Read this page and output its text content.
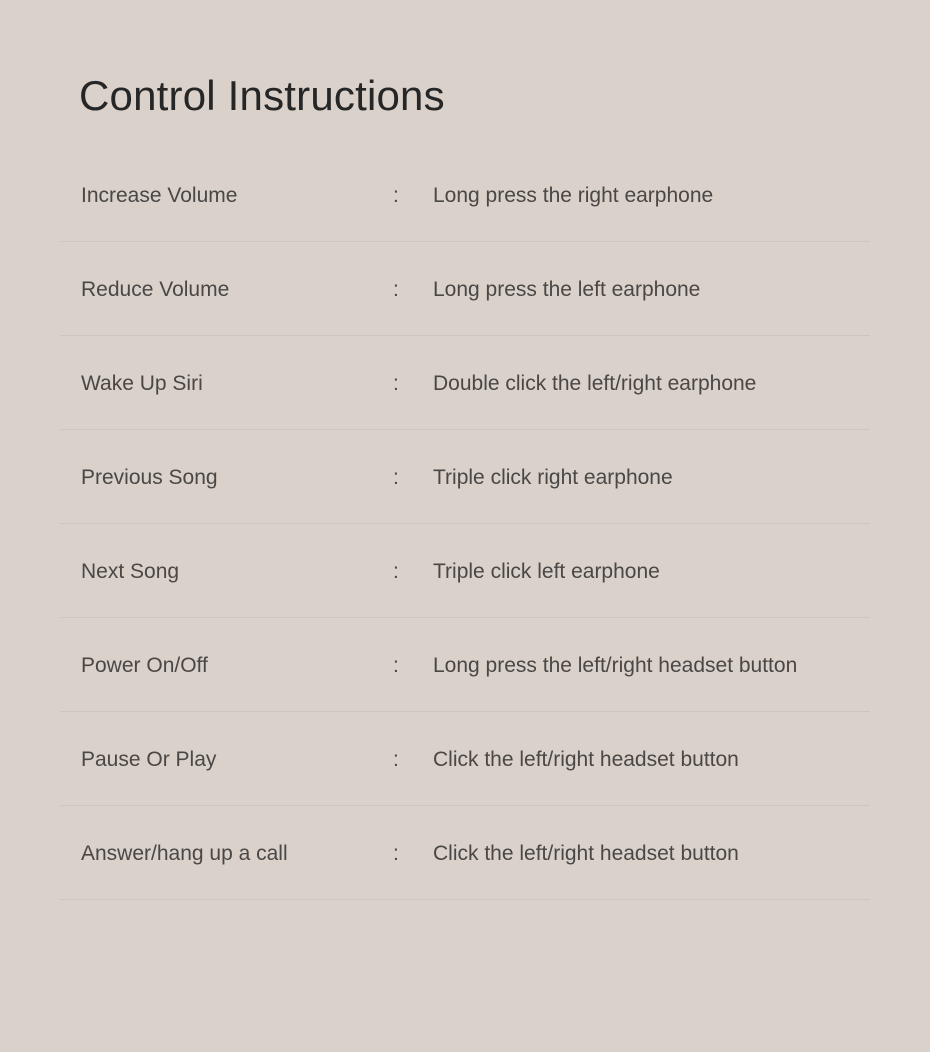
Control Instructions
Increase Volume	: Long press the right earphone
Reduce Volume	: Long press the left earphone
Wake Up Siri	: Double click the left/right earphone
Previous Song	: Triple click right earphone
Next Song	: Triple click left earphone
Power On/Off	: Long press the left/right headset button
Pause Or Play	: Click the left/right headset button
Answer/hang up a call	: Click the left/right headset button
